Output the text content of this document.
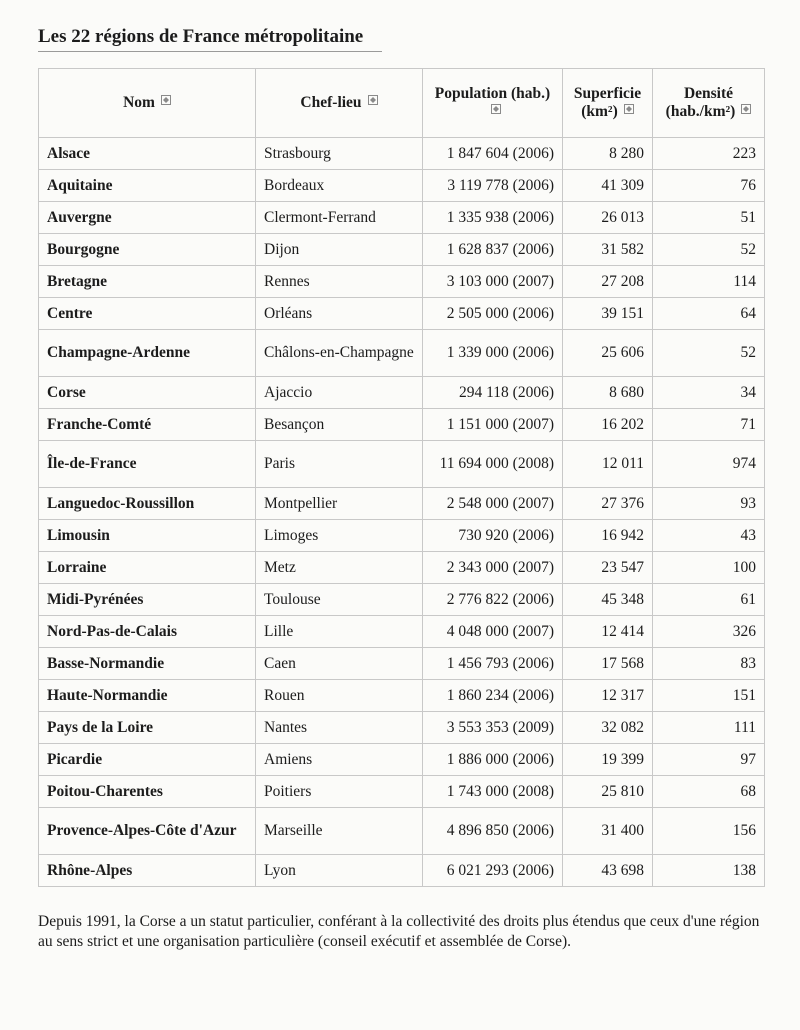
Les 22 régions de France métropolitaine
Nom	Chef-lieu	Population (hab.)	Superficie (km²)	Densité (hab./km²)
Alsace	Strasbourg	1 847 604 (2006)	8 280	223
Aquitaine	Bordeaux	3 119 778 (2006)	41 309	76
Auvergne	Clermont-Ferrand	1 335 938 (2006)	26 013	51
Bourgogne	Dijon	1 628 837 (2006)	31 582	52
Bretagne	Rennes	3 103 000 (2007)	27 208	114
Centre	Orléans	2 505 000 (2006)	39 151	64
Champagne-Ardenne	Châlons-en-Champagne	1 339 000 (2006)	25 606	52
Corse	Ajaccio	294 118 (2006)	8 680	34
Franche-Comté	Besançon	1 151 000 (2007)	16 202	71
Île-de-France	Paris	11 694 000 (2008)	12 011	974
Languedoc-Roussillon	Montpellier	2 548 000 (2007)	27 376	93
Limousin	Limoges	730 920 (2006)	16 942	43
Lorraine	Metz	2 343 000 (2007)	23 547	100
Midi-Pyrénées	Toulouse	2 776 822 (2006)	45 348	61
Nord-Pas-de-Calais	Lille	4 048 000 (2007)	12 414	326
Basse-Normandie	Caen	1 456 793 (2006)	17 568	83
Haute-Normandie	Rouen	1 860 234 (2006)	12 317	151
Pays de la Loire	Nantes	3 553 353 (2009)	32 082	111
Picardie	Amiens	1 886 000 (2006)	19 399	97
Poitou-Charentes	Poitiers	1 743 000 (2008)	25 810	68
Provence-Alpes-Côte d'Azur	Marseille	4 896 850 (2006)	31 400	156
Rhône-Alpes	Lyon	6 021 293 (2006)	43 698	138
Depuis 1991, la Corse a un statut particulier, conférant à la collectivité des droits plus étendus que ceux d'une région au sens strict et une organisation particulière (conseil exécutif et assemblée de Corse).
